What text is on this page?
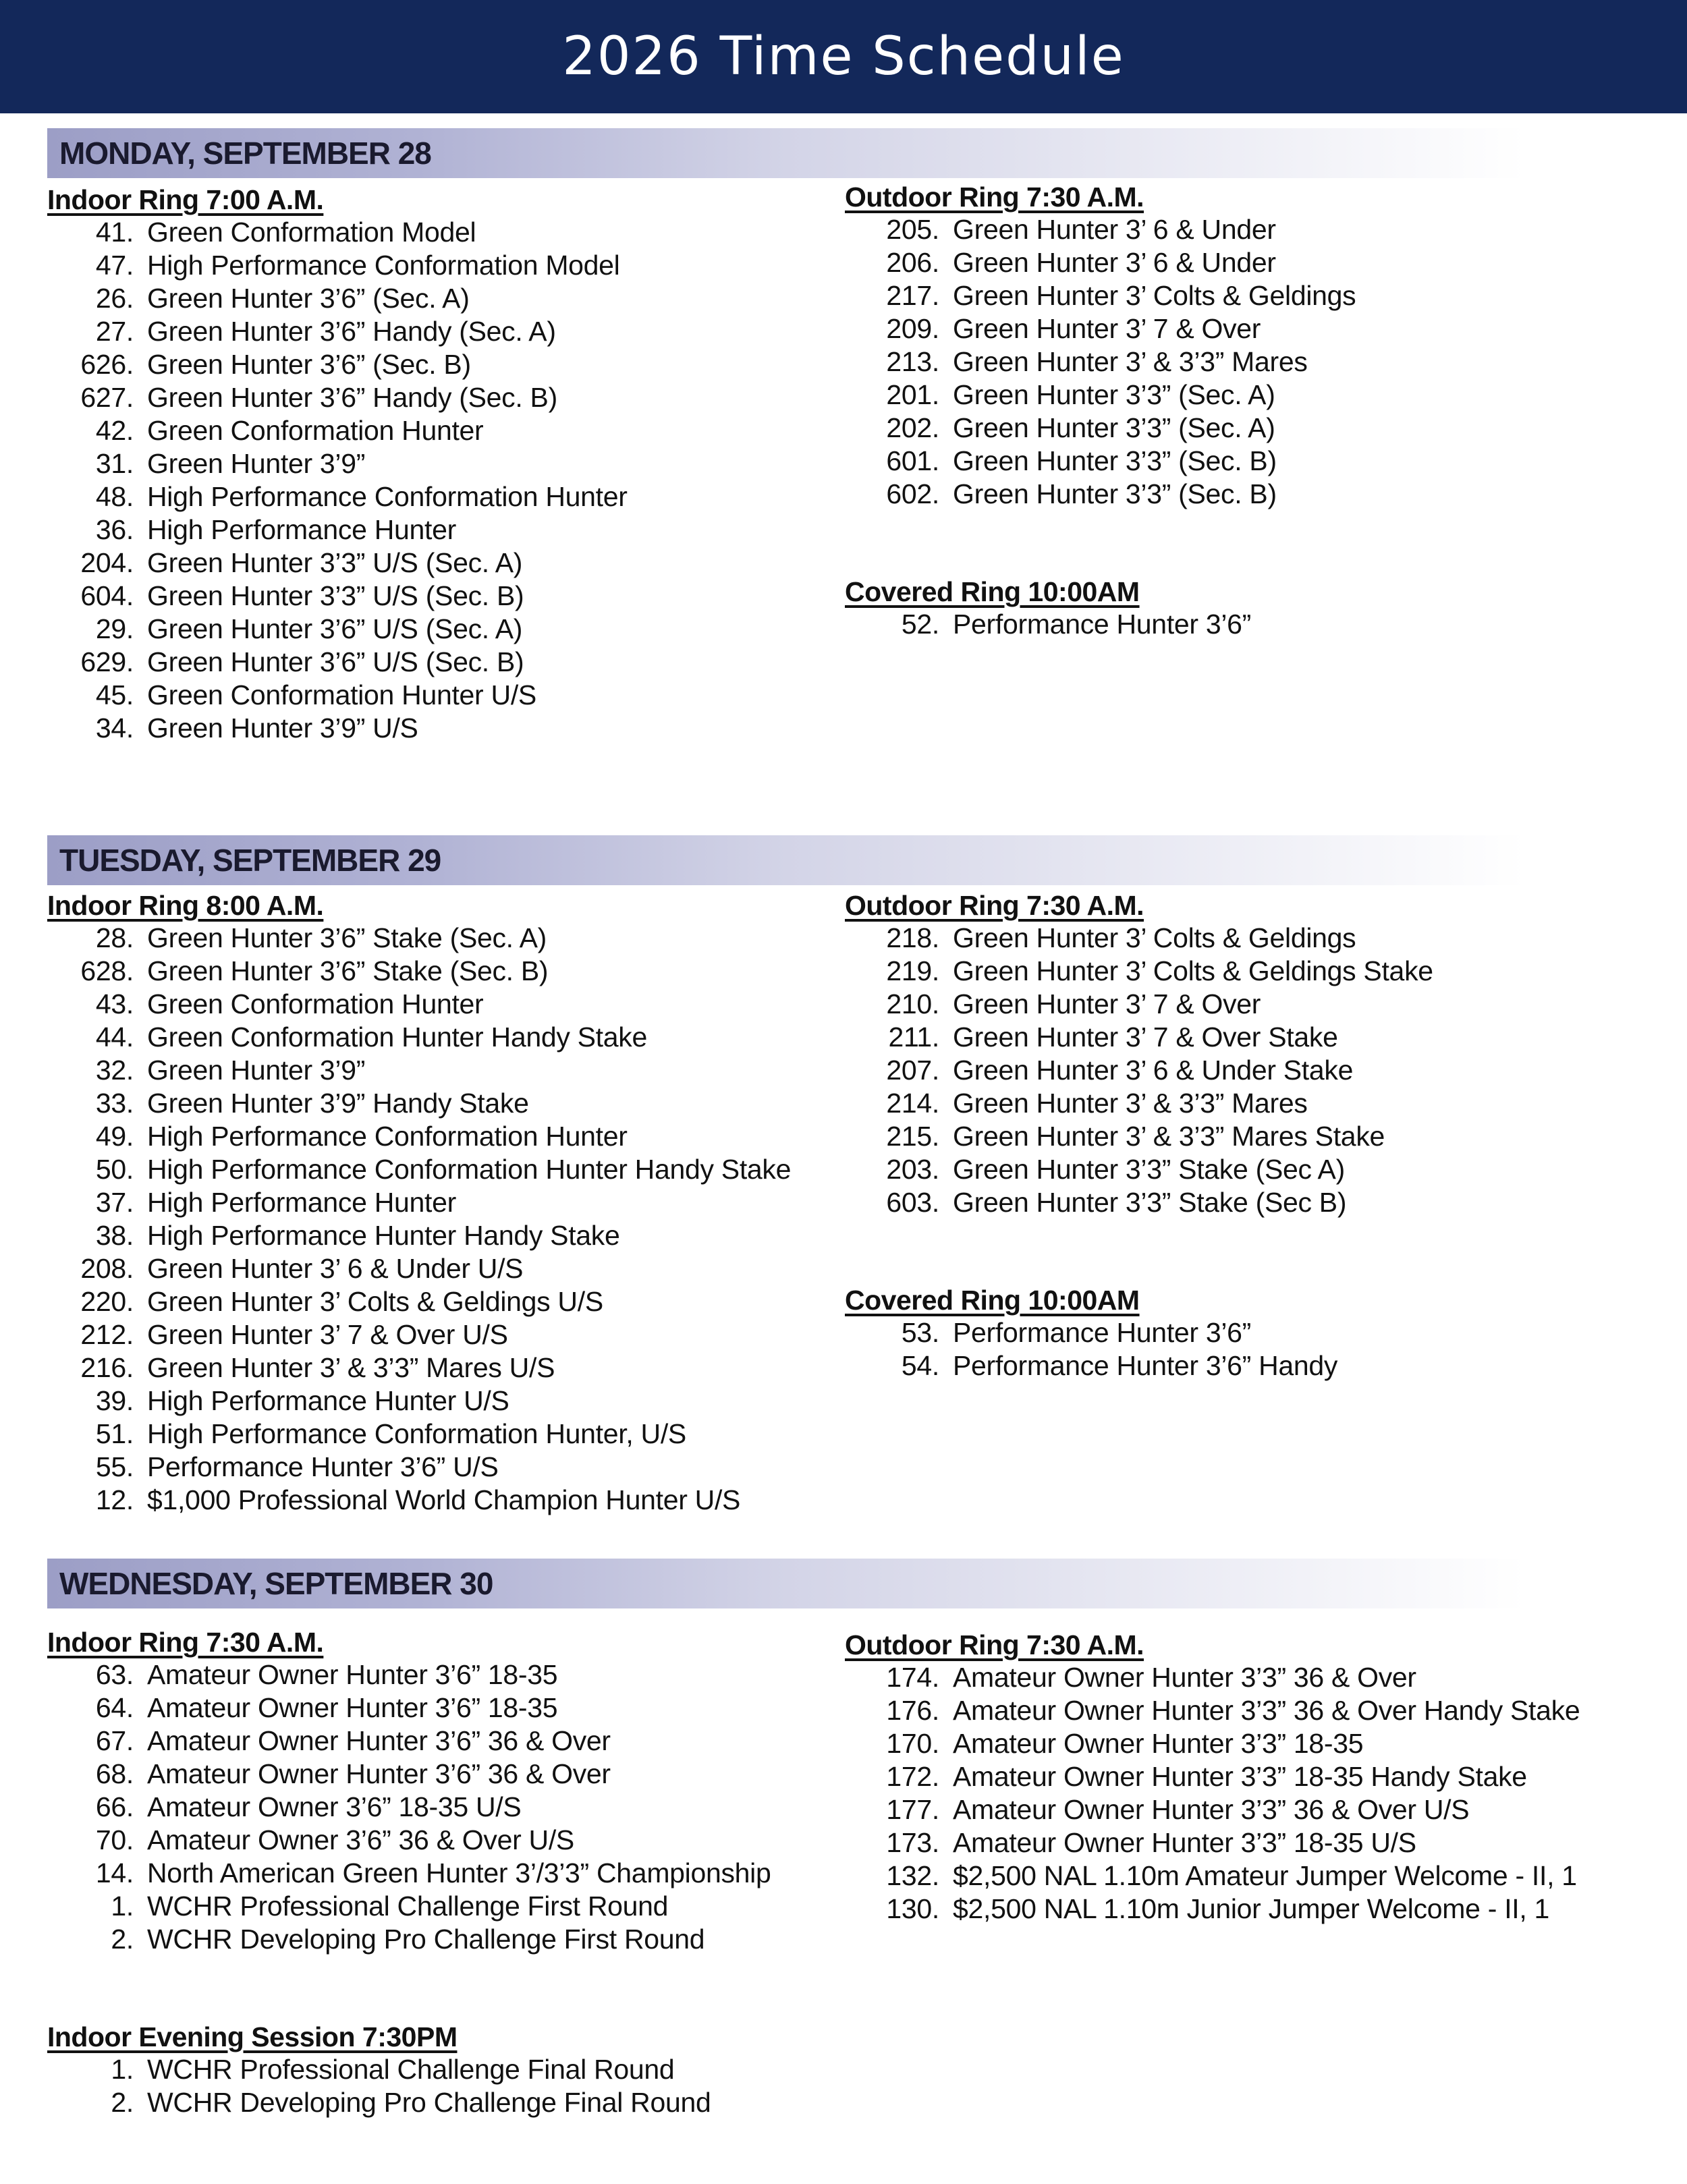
2026 Time Schedule
MONDAY, SEPTEMBER 28
Indoor Ring 7:00 A.M.
41. Green Conformation Model
47. High Performance Conformation Model
26. Green Hunter 3’6” (Sec. A)
27. Green Hunter 3’6” Handy (Sec. A)
626. Green Hunter 3’6” (Sec. B)
627. Green Hunter 3’6” Handy (Sec. B)
42. Green Conformation Hunter
31. Green Hunter 3’9”
48. High Performance Conformation Hunter
36. High Performance Hunter
204. Green Hunter 3’3” U/S (Sec. A)
604. Green Hunter 3’3” U/S (Sec. B)
29. Green Hunter 3’6” U/S (Sec. A)
629. Green Hunter 3’6” U/S (Sec. B)
45. Green Conformation Hunter U/S
34. Green Hunter 3’9” U/S
Outdoor Ring 7:30 A.M.
205. Green Hunter 3’ 6 & Under
206. Green Hunter 3’ 6 & Under
217. Green Hunter 3’ Colts & Geldings
209. Green Hunter 3’ 7 & Over
213. Green Hunter 3’ & 3’3” Mares
201. Green Hunter 3’3” (Sec. A)
202. Green Hunter 3’3” (Sec. A)
601. Green Hunter 3’3” (Sec. B)
602. Green Hunter 3’3” (Sec. B)
Covered Ring 10:00AM
52. Performance Hunter 3’6”
TUESDAY, SEPTEMBER 29
Indoor Ring 8:00 A.M.
28. Green Hunter 3’6” Stake (Sec. A)
628. Green Hunter 3’6” Stake (Sec. B)
43. Green Conformation Hunter
44. Green Conformation Hunter Handy Stake
32. Green Hunter 3’9”
33. Green Hunter 3’9” Handy Stake
49. High Performance Conformation Hunter
50. High Performance Conformation Hunter Handy Stake
37. High Performance Hunter
38. High Performance Hunter Handy Stake
208. Green Hunter 3’ 6 & Under U/S
220. Green Hunter 3’ Colts & Geldings U/S
212. Green Hunter 3’ 7 & Over U/S
216. Green Hunter 3’ & 3’3” Mares U/S
39. High Performance Hunter U/S
51. High Performance Conformation Hunter, U/S
55. Performance Hunter 3’6” U/S
12. $1,000 Professional World Champion Hunter U/S
Outdoor Ring 7:30 A.M.
218. Green Hunter 3’ Colts & Geldings
219. Green Hunter 3’ Colts & Geldings Stake
210. Green Hunter 3’ 7 & Over
211. Green Hunter 3’ 7 & Over Stake
207. Green Hunter 3’ 6 & Under Stake
214. Green Hunter 3’ & 3’3” Mares
215. Green Hunter 3’ & 3’3” Mares Stake
203. Green Hunter 3’3” Stake (Sec A)
603. Green Hunter 3’3” Stake (Sec B)
Covered Ring 10:00AM
53. Performance Hunter 3’6”
54. Performance Hunter 3’6” Handy
WEDNESDAY, SEPTEMBER 30
Indoor Ring 7:30 A.M.
63. Amateur Owner Hunter 3’6” 18-35
64. Amateur Owner Hunter 3’6” 18-35
67. Amateur Owner Hunter 3’6” 36 & Over
68. Amateur Owner Hunter 3’6” 36 & Over
66. Amateur Owner 3’6” 18-35 U/S
70. Amateur Owner 3’6” 36 & Over U/S
14. North American Green Hunter 3’/3’3” Championship
1. WCHR Professional Challenge First Round
2. WCHR Developing Pro Challenge First Round
Indoor Evening Session 7:30PM
1. WCHR Professional Challenge Final Round
2. WCHR Developing Pro Challenge Final Round
Outdoor Ring 7:30 A.M.
174. Amateur Owner Hunter 3’3” 36 & Over
176. Amateur Owner Hunter 3’3” 36 & Over Handy Stake
170. Amateur Owner Hunter 3’3” 18-35
172. Amateur Owner Hunter 3’3” 18-35 Handy Stake
177. Amateur Owner Hunter 3’3” 36 & Over U/S
173. Amateur Owner Hunter 3’3” 18-35 U/S
132. $2,500 NAL 1.10m Amateur Jumper Welcome - II, 1
130. $2,500 NAL 1.10m Junior Jumper Welcome - II, 1
